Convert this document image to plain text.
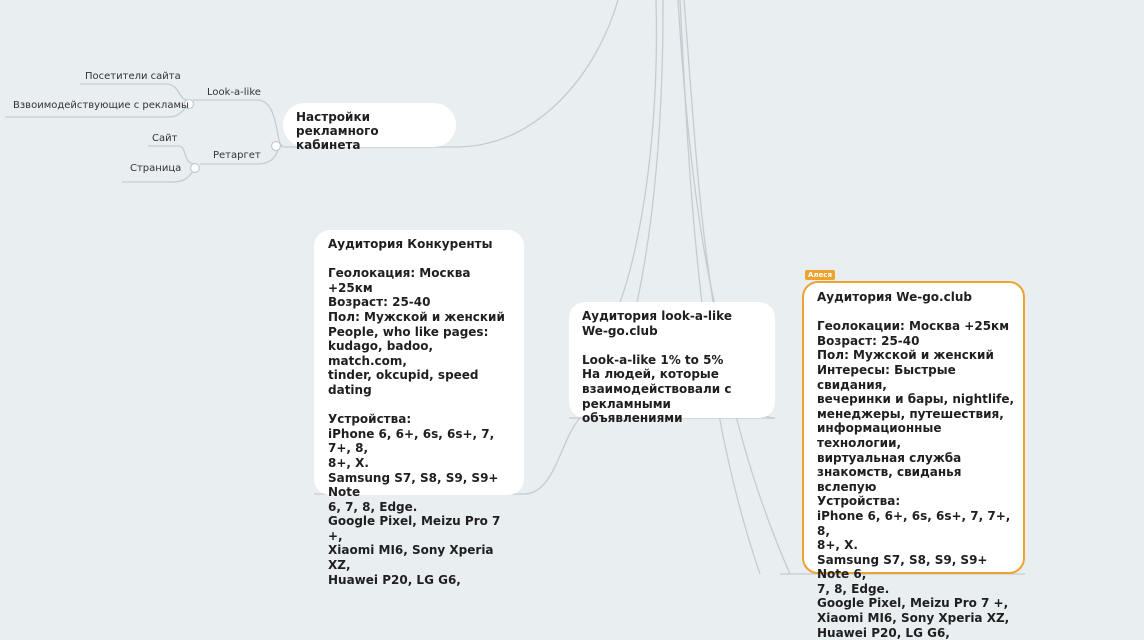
Посетители сайта
Взвоимодействующие с рекламы
Look-a-like
Сайт
Страница
Ретаргет

Настройки рекламного

кабинета

Аудитория Конкуренты

Геолокация: Москва +25км

Возраст: 25-40

Пол: Мужской и женский

People, who like pages:

kudago, badoo, match.com,

tinder, okcupid, speed dating

Устройства:

iPhone 6, 6+, 6s, 6s+, 7, 7+, 8,

8+, X.

Samsung S7, S8, S9, S9+ Note

6, 7, 8, Edge.

Google Pixel, Meizu Pro 7 +,

Xiaomi MI6, Sony Xperia XZ,

Huawei P20, LG G6,

Аудитория look-a-like

We-go.club

Look-a-like 1% to 5%

На людей, которые

взаимодействовали с

рекламными объявлениями

Алеся

Аудитория We-go.club

Геолокации: Москва +25км

Возраст: 25-40

Пол: Мужской и женский

Интересы: Быстрые свидания,

вечеринки и бары, nightlife,

менеджеры, путешествия,

информационные технологии,

виртуальная служба

знакомств, свиданья вслепую

Устройства:

iPhone 6, 6+, 6s, 6s+, 7, 7+, 8,

8+, X.

Samsung S7, S8, S9, S9+ Note 6,

7, 8, Edge.

Google Pixel, Meizu Pro 7 +,

Xiaomi MI6, Sony Xperia XZ,

Huawei P20, LG G6,
